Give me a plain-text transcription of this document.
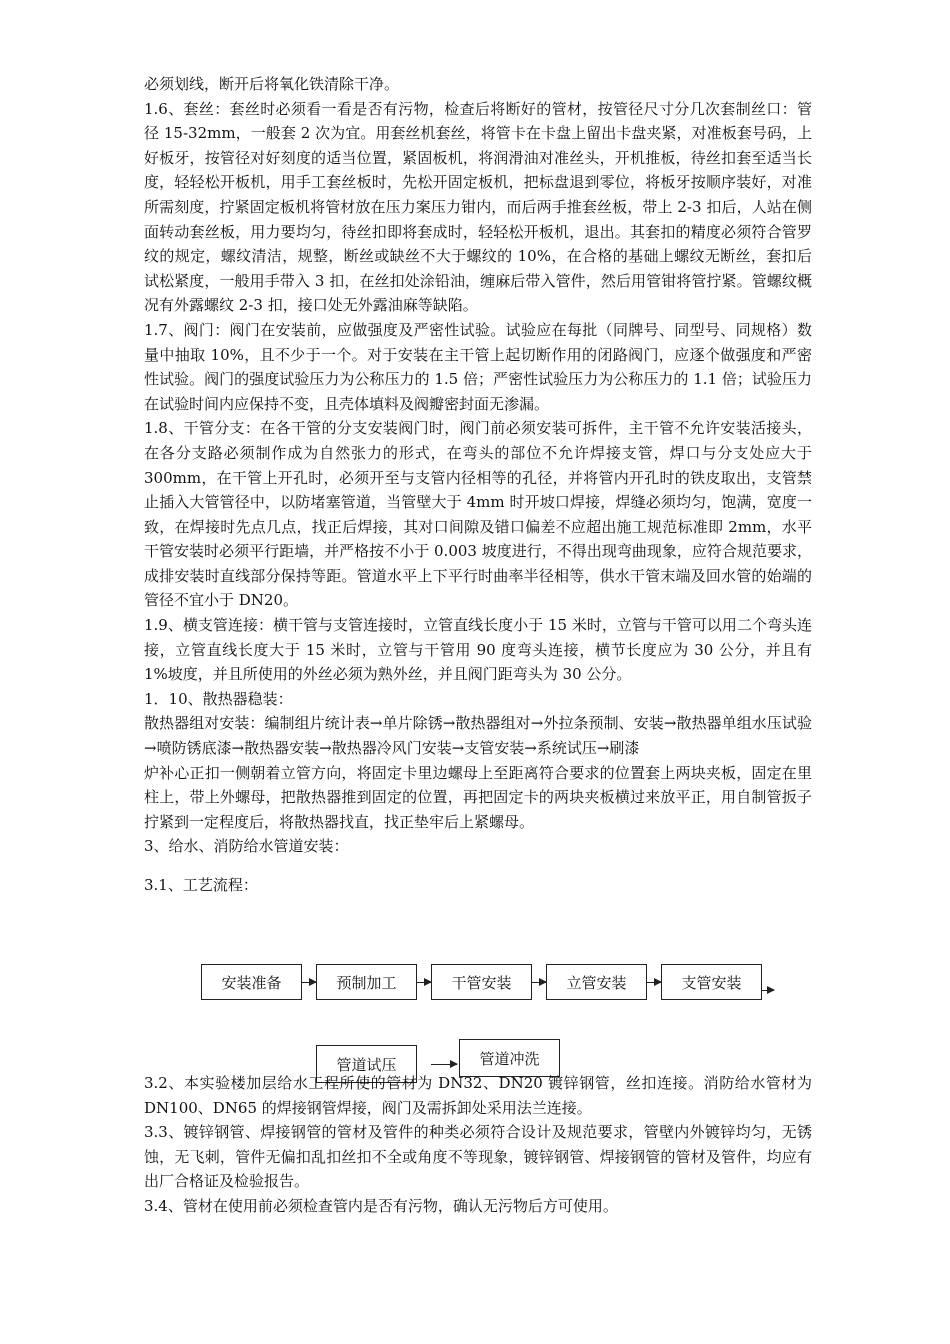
必须划线，断开后将氧化铁清除干净。

1.6、套丝：套丝时必须看一看是否有污物，检查后将断好的管材，按管径尺寸分几次套制丝口：管径 15-32mm，一般套 2 次为宜。用套丝机套丝，将管卡在卡盘上留出卡盘夹紧，对准板套号码，上好板牙，按管径对好刻度的适当位置，紧固板机，将润滑油对准丝头，开机推板，待丝扣套至适当长度，轻轻松开板机，用手工套丝板时，先松开固定板机，把标盘退到零位，将板牙按顺序装好，对准所需刻度，拧紧固定板机将管材放在压力案压力钳内，而后两手推套丝板，带上 2-3 扣后，人站在侧面转动套丝板，用力要均匀，待丝扣即将套成时，轻轻松开板机，退出。其套扣的精度必须符合管罗纹的规定，螺纹清洁，规整，断丝或缺丝不大于螺纹的 10%，在合格的基础上螺纹无断丝，套扣后试松紧度，一般用手带入 3 扣，在丝扣处涂铅油，缠麻后带入管件，然后用管钳将管拧紧。管螺纹概况有外露螺纹 2-3 扣，接口处无外露油麻等缺陷。

1.7、阀门：阀门在安装前，应做强度及严密性试验。试验应在每批（同牌号、同型号、同规格）数量中抽取 10%，且不少于一个。对于安装在主干管上起切断作用的闭路阀门，应逐个做强度和严密性试验。阀门的强度试验压力为公称压力的 1.5 倍；严密性试验压力为公称压力的 1.1 倍；试验压力在试验时间内应保持不变，且壳体填料及阀瓣密封面无渗漏。

1.8、干管分支：在各干管的分支安装阀门时，阀门前必须安装可拆件，主干管不允许安装活接头，在各分支路必须制作成为自然张力的形式，在弯头的部位不允许焊接支管，焊口与分支处应大于 300mm，在干管上开孔时，必须开至与支管内径相等的孔径，并将管内开孔时的铁皮取出，支管禁止插入大管管径中，以防堵塞管道，当管壁大于 4mm 时开坡口焊接，焊缝必须均匀，饱满，宽度一致，在焊接时先点几点，找正后焊接，其对口间隙及错口偏差不应超出施工规范标准即 2mm，水平干管安装时必须平行距墙，并严格按不小于 0.003 坡度进行，不得出现弯曲现象，应符合规范要求，成排安装时直线部分保持等距。管道水平上下平行时曲率半径相等，供水干管末端及回水管的始端的管径不宜小于 DN20。

1.9、横支管连接：横干管与支管连接时，立管直线长度小于 15 米时，立管与干管可以用二个弯头连接，立管直线长度大于 15 米时，立管与干管用 90 度弯头连接，横节长度应为 30 公分，并且有 1%坡度，并且所使用的外丝必须为熟外丝，并且阀门距弯头为 30 公分。

1．10、散热器稳装：

散热器组对安装：编制组片统计表→单片除锈→散热器组对→外拉条预制、安装→散热器单组水压试验→喷防锈底漆→散热器安装→散热器冷风门安装→支管安装→系统试压→刷漆

炉补心正扣一侧朝着立管方向，将固定卡里边螺母上至距离符合要求的位置套上两块夹板，固定在里柱上，带上外螺母，把散热器推到固定的位置，再把固定卡的两块夹板横过来放平正，用自制管扳子拧紧到一定程度后，将散热器找直，找正垫牢后上紧螺母。

3、给水、消防给水管道安装：

3.1、工艺流程：

安装准备	预制加工	干管安装	立管安装	支管安装
管道试压	管道冲洗

3.2、本实验楼加层给水工程所使的管材为 DN32、DN20 镀锌钢管，丝扣连接。消防给水管材为 DN100、DN65 的焊接钢管焊接，阀门及需拆卸处采用法兰连接。

3.3、镀锌钢管、焊接钢管的管材及管件的种类必须符合设计及规范要求，管壁内外镀锌均匀，无锈蚀，无飞刺，管件无偏扣乱扣丝扣不全或角度不等现象，镀锌钢管、焊接钢管的管材及管件，均应有出厂合格证及检验报告。

3.4、管材在使用前必须检查管内是否有污物，确认无污物后方可使用。
